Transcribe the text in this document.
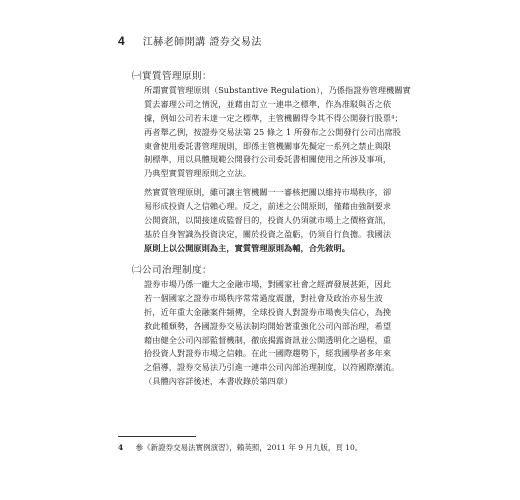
4 江赫老師開講 證券交易法
㈠實質管理原則：
所謂實質管理原則（Substantive Regulation），乃係指證券管理機關實
質去審理公司之情況，並藉由訂立一連串之標準，作為准駁與否之依
據，例如公司若未達一定之標準，主管機關得令其不得公開發行股票⁴；
再者舉乙例，按證券交易法第 25 條之 1 所發布之公開發行公司出席股
東會使用委託書管理規則，即係主管機關事先擬定一系列之禁止與限
制標準，用以具體規範公開發行公司委託書相關使用之所涉及事項，
乃典型實質管理原則之立法。
然實質管理原則，雖可讓主管機關一一審核把關以維持市場秩序，卻
易形成投資人之信賴心理。反之，前述之公開原則，僅藉由強制要求
公開資訊，以間接達成監督目的，投資人仍須就市場上之價格資訊，
基於自身智識為投資決定，關於投資之盈虧，仍須自行負擔。我國法
原則上以公開原則為主，實質管理原則為輔，合先敘明。
㈡公司治理制度：
證券市場乃係一龐大之金融市場，對國家社會之經濟發展甚鉅，因此
若一個國家之證券市場秩序常常過度震盪，對社會及政治亦易生波
折，近年重大金融案件頻傳，全球投資人對證券市場喪失信心，為挽
救此種頹勢，各國證券交易法制均開始著重強化公司內部治理，希望
藉由健全公司內部監督機制，徹底揭露資訊並公開透明化之過程，重
拾投資人對證券市場之信賴。在此一國際趨勢下，經我國學者多年來
之倡導，證券交易法乃引進一連串公司內部治理制度，以符國際潮流。
（具體內容詳後述，本書收錄於第四章）
4 參《新證券交易法實例演習》，賴英照，2011 年 9 月九版，頁 10。
